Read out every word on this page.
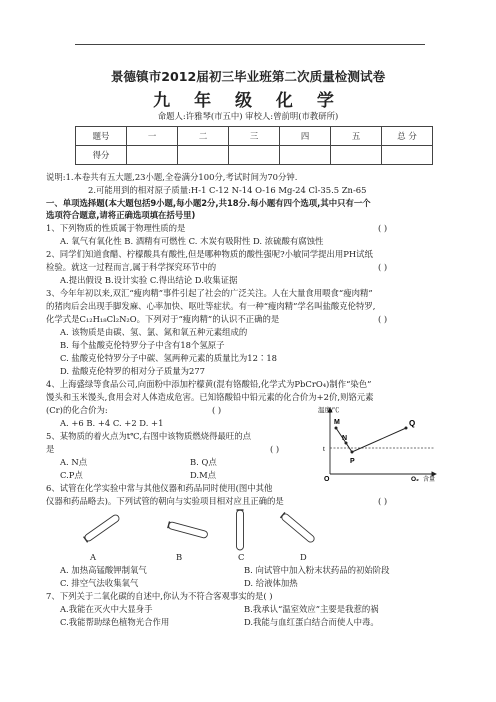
景德镇市2012届初三毕业班第二次质量检测试卷
九 年 级 化 学
命题人:许雅琴(市五中) 审校人:曾前明(市教研所)
题号	一	二	三	四	五	总 分
得分						
说明:1.本卷共有五大题,23小题,全卷满分100分,考试时间为70分钟.
2.可能用到的相对原子质量:H-1 C-12 N-14 O-16 Mg-24 Cl-35.5 Zn-65
一、单项选择题(本大题包括9小题,每小题2分,共18分.每小题有四个选项,其中只有一个
选项符合题意,请将正确选项填在括号里)
1、下列物质的性质属于物理性质的是	( )
A. 氧气有氧化性 B. 酒精有可燃性 C. 木炭有吸附性 D. 浓硫酸有腐蚀性
2、同学们知道食醋、柠檬酸具有酸性,但是哪种物质的酸性强呢?小敏同学提出用PH试纸
检验。就这一过程而言,属于科学探究环节中的	( )
A.提出假设 B.设计实验 C.得出结论 D.收集证据
3、今年年初以来,双汇“瘦肉精”事件引起了社会的广泛关注。人在大量食用喂食“瘦肉精”
的猪肉后会出现手脚发麻、心率加快、呕吐等症状。有一种“瘦肉精”学名叫盐酸克伦特罗,
化学式是C₁₂H₁₈Cl₂N₂O。下列对于“瘦肉精”的认识不正确的是	( )
A. 该物质是由碳、氢、氯、氮和氧五种元素组成的
B. 每个盐酸克伦特罗分子中含有18个氢原子
C. 盐酸克伦特罗分子中碳、氢两种元素的质量比为12∶18
D. 盐酸克伦特罗的相对分子质量为277
4、上海盛绿等食品公司,向面粉中添加柠檬黄(混有铬酸铅,化学式为PbCrO₄)制作“染色”
馒头和玉米馒头,食用会对人体造成危害。已知铬酸铅中铅元素的化合价为+2价,则铬元素
(Cr)的化合价为:	( )
A. +6 B. +4 C. +2 D. +1
5、某物质的着火点为t℃,右图中该物质燃烧得最旺的点
是	( )
A. N点	B. Q点
C.P点	D.M点
温度/℃
M
N
P
Q
t
O	O₂ 含量
6、试管在化学实验中常与其他仪器和药品同时使用(图中其他
仪器和药品略去)。下列试管的朝向与实验项目相对应且正确的是	( )
A	B	C	D
A. 加热高锰酸钾制氧气	B. 向试管中加入粉末状药品的初始阶段
C. 排空气法收集氧气	D. 给液体加热
7、下列关于二氧化碳的自述中,你认为不符合客观事实的是( )
A.我能在灭火中大显身手	B.我承认“温室效应”主要是我惹的祸
C.我能帮助绿色植物光合作用	D.我能与血红蛋白结合而使人中毒。
